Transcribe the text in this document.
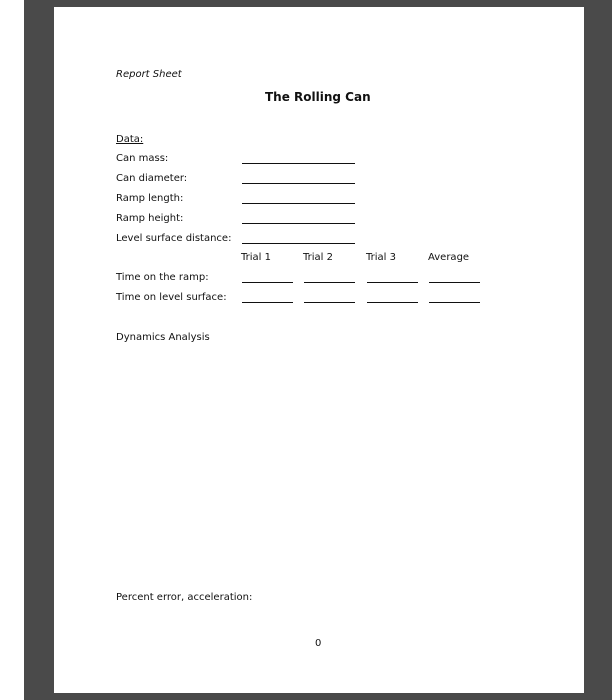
Report Sheet
The Rolling Can
Data:
Can mass:
Can diameter:
Ramp length:
Ramp height:
Level surface distance:
Trial 1	Trial 2	Trial 3	Average
Time on the ramp:
Time on level surface:
Dynamics Analysis
Percent error, acceleration:
0
